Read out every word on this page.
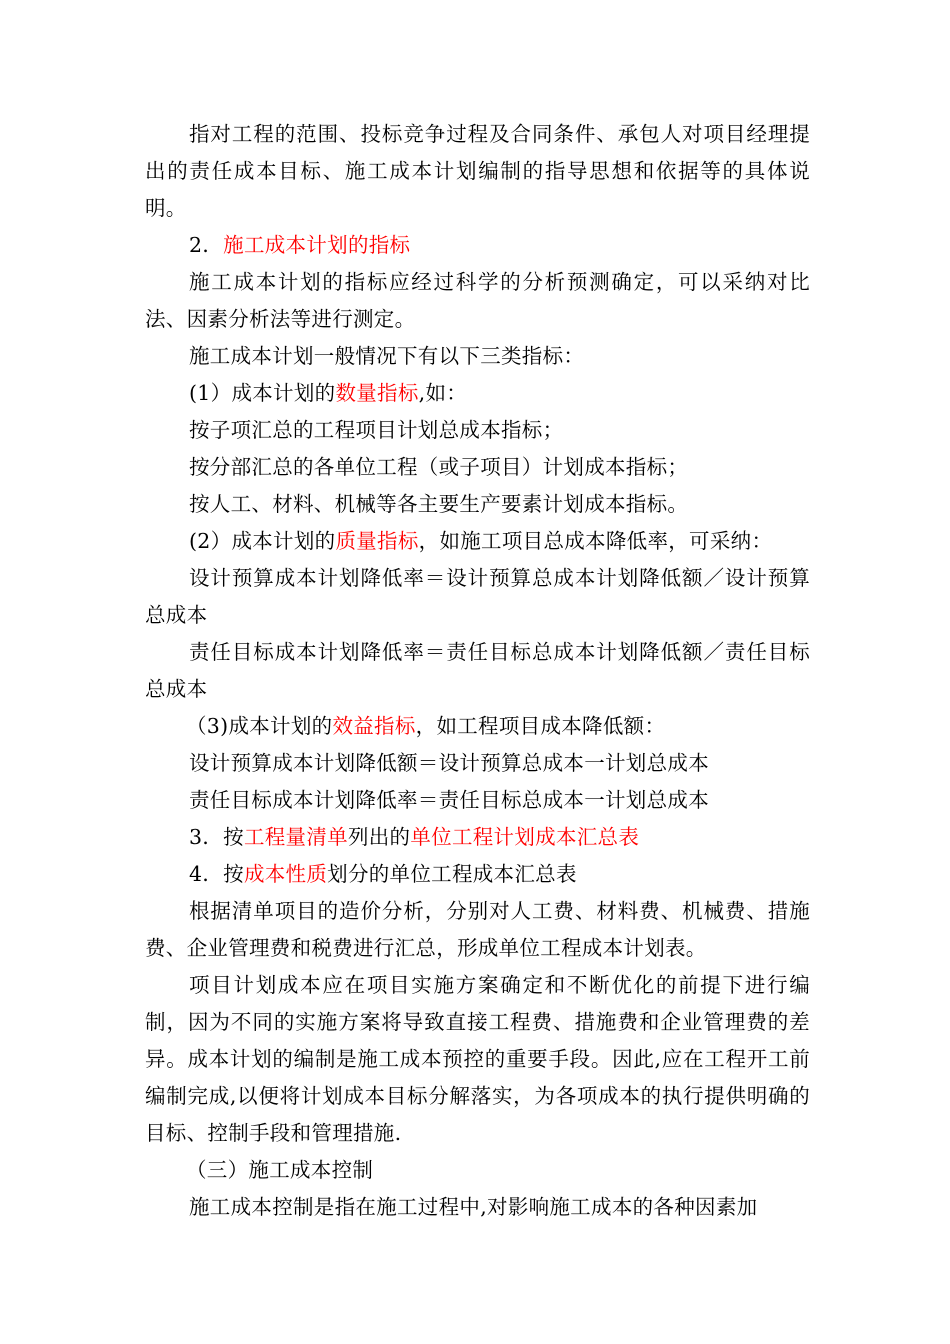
指对工程的范围、投标竞争过程及合同条件、承包人对项目经理提出的责任成本目标、施工成本计划编制的指导思想和依据等的具体说明。
2．施工成本计划的指标
施工成本计划的指标应经过科学的分析预测确定，可以采纳对比法、因素分析法等进行测定。
施工成本计划一般情况下有以下三类指标：
(1）成本计划的数量指标,如：
按子项汇总的工程项目计划总成本指标；
按分部汇总的各单位工程（或子项目）计划成本指标；
按人工、材料、机械等各主要生产要素计划成本指标。
(2）成本计划的质量指标，如施工项目总成本降低率，可采纳：
设计预算成本计划降低率＝设计预算总成本计划降低额／设计预算总成本
责任目标成本计划降低率＝责任目标总成本计划降低额／责任目标总成本
（3)成本计划的效益指标，如工程项目成本降低额：
设计预算成本计划降低额＝设计预算总成本一计划总成本
责任目标成本计划降低率＝责任目标总成本一计划总成本
3．按工程量清单列出的单位工程计划成本汇总表
4．按成本性质划分的单位工程成本汇总表
根据清单项目的造价分析，分别对人工费、材料费、机械费、措施费、企业管理费和税费进行汇总，形成单位工程成本计划表。
项目计划成本应在项目实施方案确定和不断优化的前提下进行编制，因为不同的实施方案将导致直接工程费、措施费和企业管理费的差异。成本计划的编制是施工成本预控的重要手段。因此,应在工程开工前编制完成,以便将计划成本目标分解落实，为各项成本的执行提供明确的目标、控制手段和管理措施.
（三）施工成本控制
施工成本控制是指在施工过程中,对影响施工成本的各种因素加
